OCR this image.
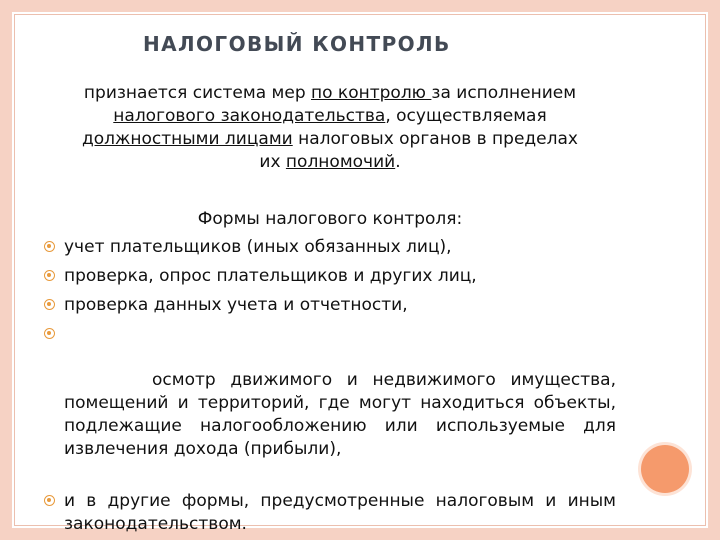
НАЛОГОВЫЙ КОНТРОЛЬ
признается система мер по контролю за исполнением налогового законодательства, осуществляемая должностными лицами налоговых органов в пределах их полномочий.
Формы налогового контроля:
учет плательщиков (иных обязанных лиц),
проверка, опрос плательщиков и других лиц,
проверка данных учета и отчетности,

осмотр движимого и недвижимого имущества, помещений и территорий, где могут находиться объекты, подлежащие налогообложению или используемые для извлечения дохода (прибыли),

и в другие формы, предусмотренные налоговым и иным законодательством.
